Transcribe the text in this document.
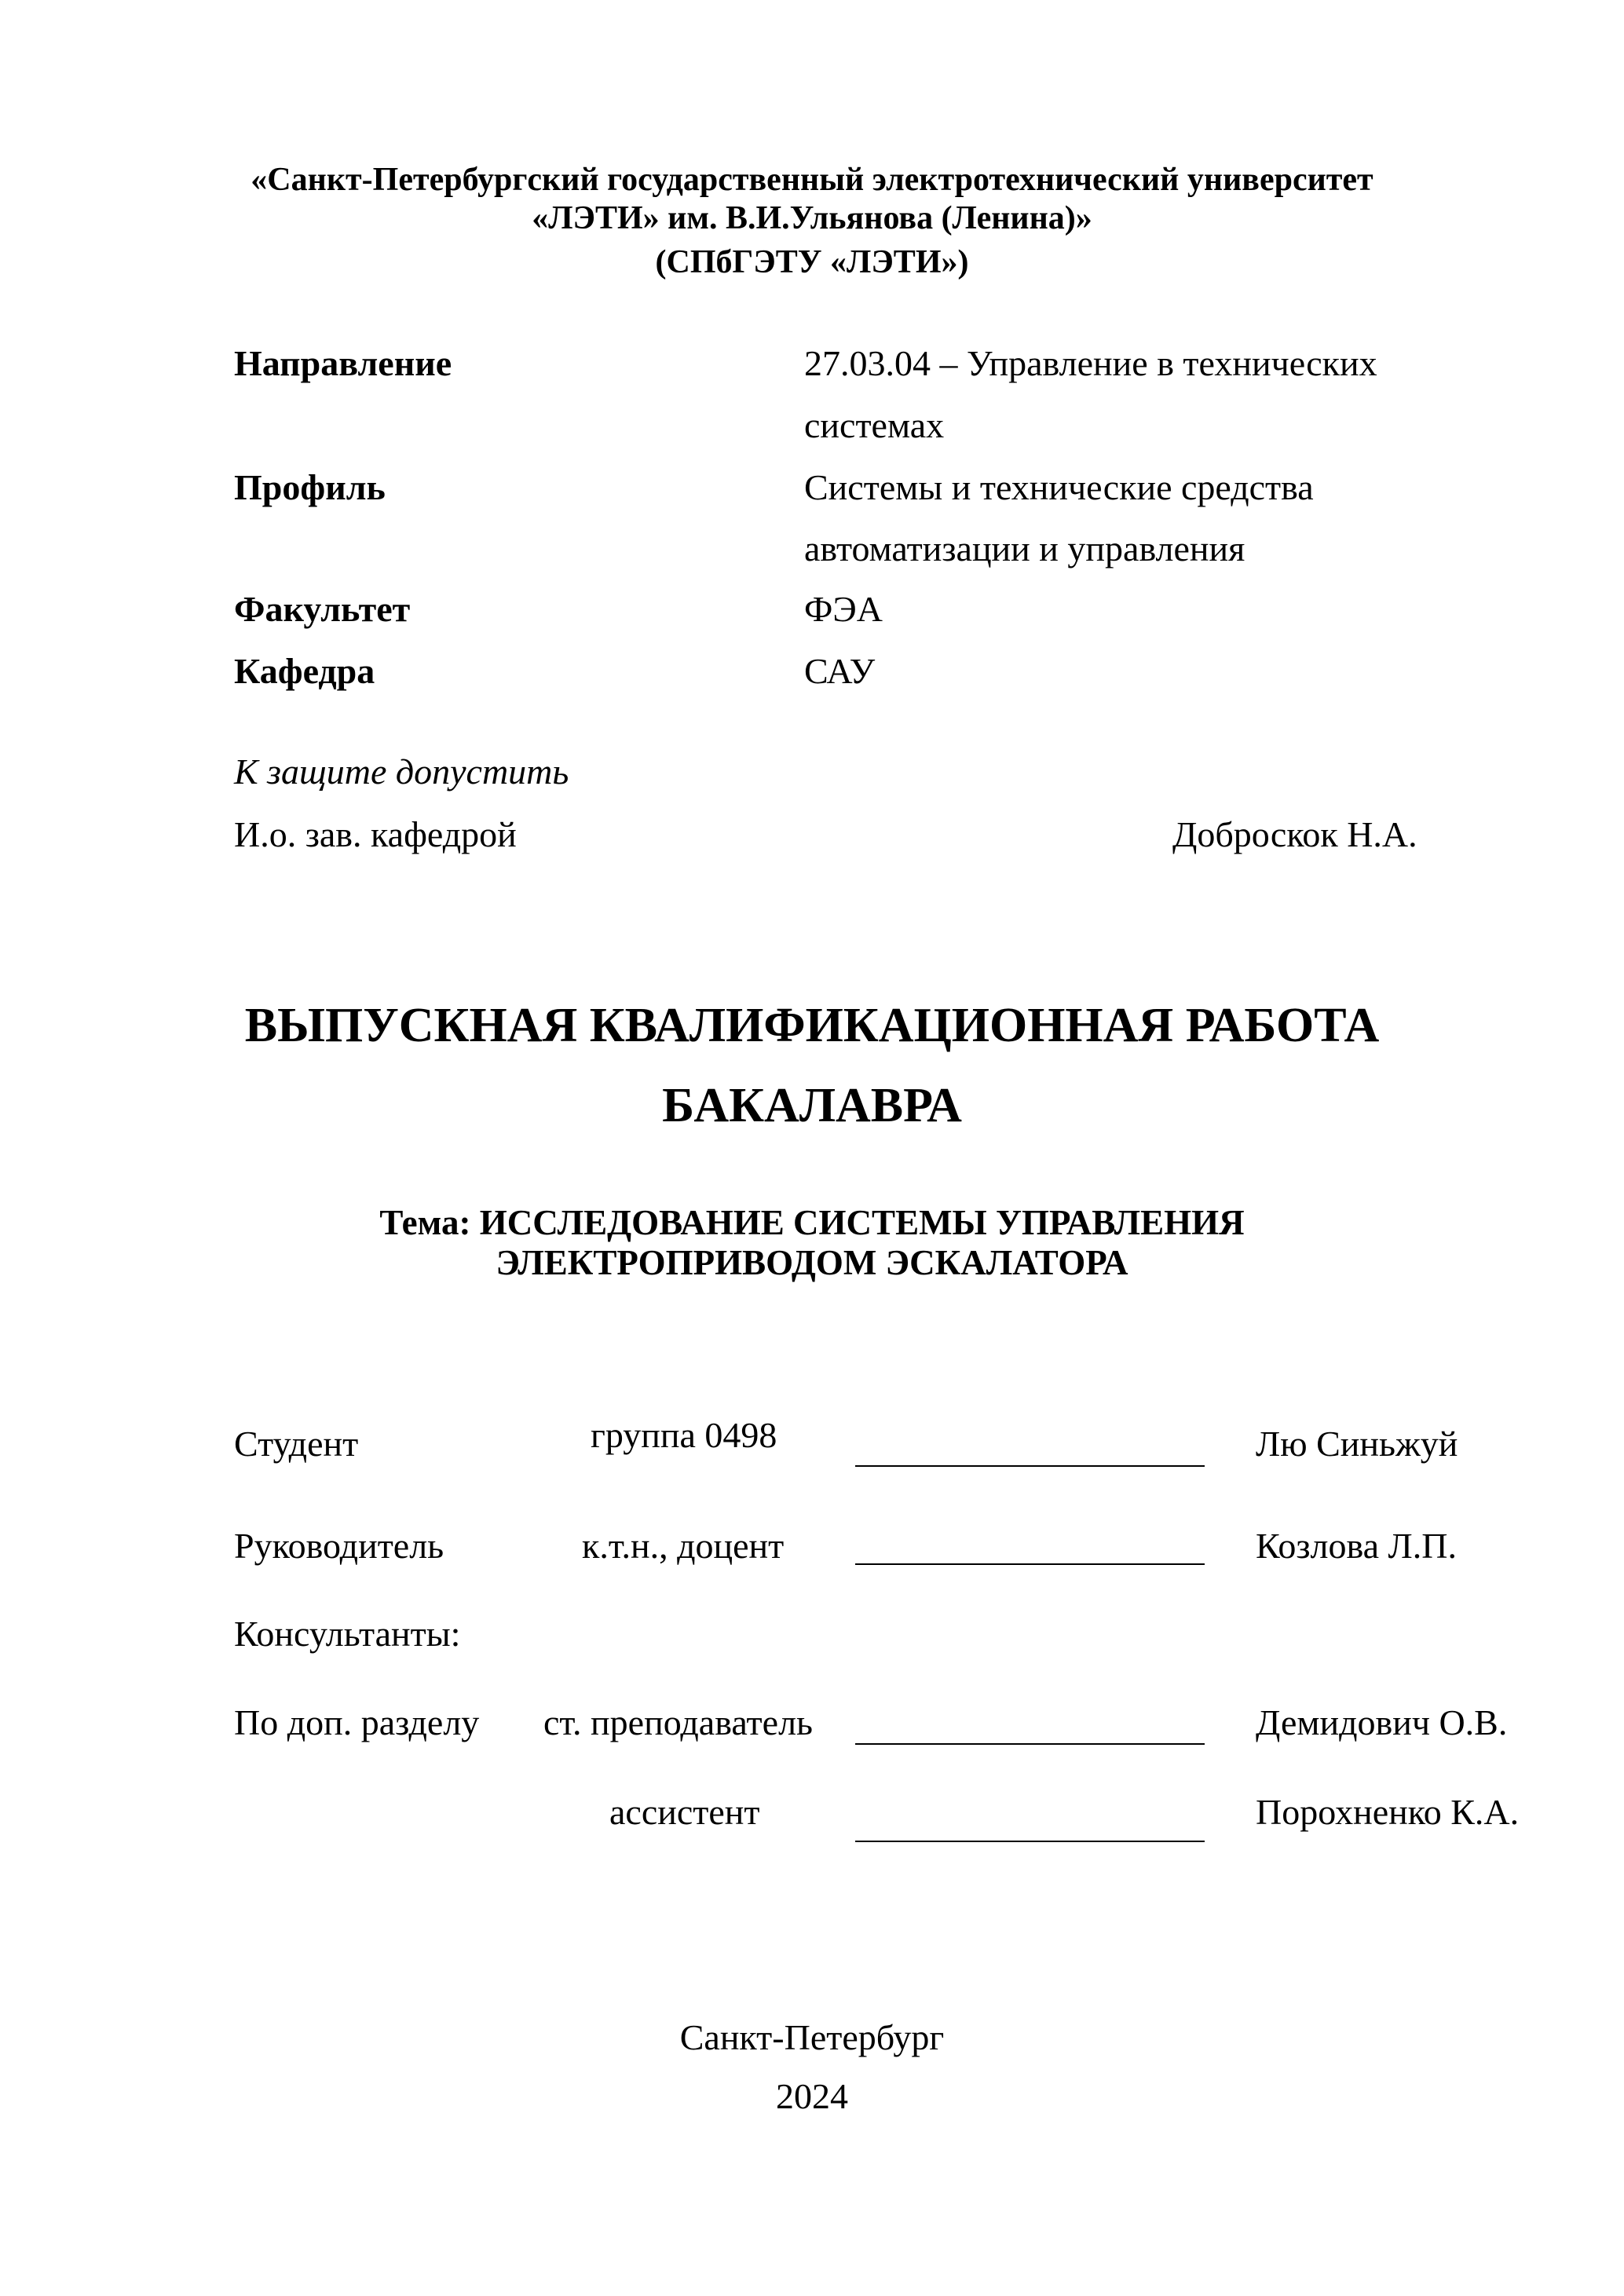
«Санкт-Петербургский государственный электротехнический университет
«ЛЭТИ» им. В.И.Ульянова (Ленина)»
(СПбГЭТУ «ЛЭТИ»)
Направление	27.03.04 – Управление в технических
системах
Профиль	Системы и технические средства
автоматизации и управления
Факультет	ФЭА
Кафедра	САУ
К защите допустить
И.о. зав. кафедрой	Доброскок Н.А.
ВЫПУСКНАЯ КВАЛИФИКАЦИОННАЯ РАБОТА
БАКАЛАВРА
Тема: ИССЛЕДОВАНИЕ СИСТЕМЫ УПРАВЛЕНИЯ
ЭЛЕКТРОПРИВОДОМ ЭСКАЛАТОРА
Студент	группа 0498	Лю Синьжуй
Руководитель	к.т.н., доцент	Козлова Л.П.
Консультанты:
По доп. разделу ст. преподаватель	Демидович О.В.
ассистент	Порохненко К.А.
Санкт-Петербург
2024
